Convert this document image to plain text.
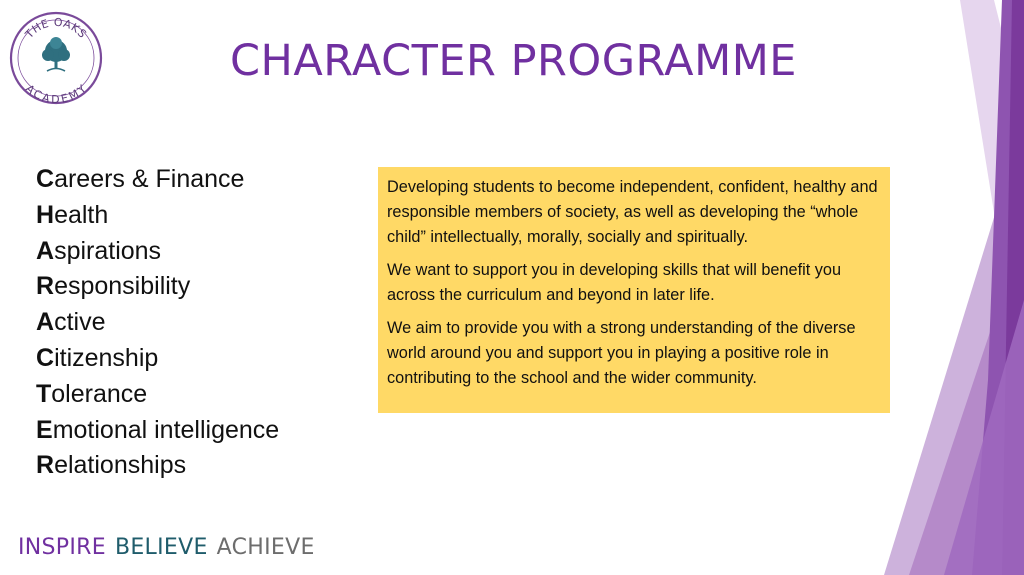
THE OAKS
ACADEMY
CHARACTER PROGRAMME
Careers & Finance
Health
Aspirations
Responsibility
Active
Citizenship
Tolerance
Emotional intelligence
Relationships

Developing students to become independent, confident, healthy and responsible members of society, as well as developing the “whole child” intellectually, morally, socially and spiritually.

We want to support you in developing skills that will benefit you across the curriculum and beyond in later life.

We aim to provide you with a strong understanding of the diverse world around you and support you in playing a positive role in contributing to the school and the wider community.

INSPIRE BELIEVE ACHIEVE
